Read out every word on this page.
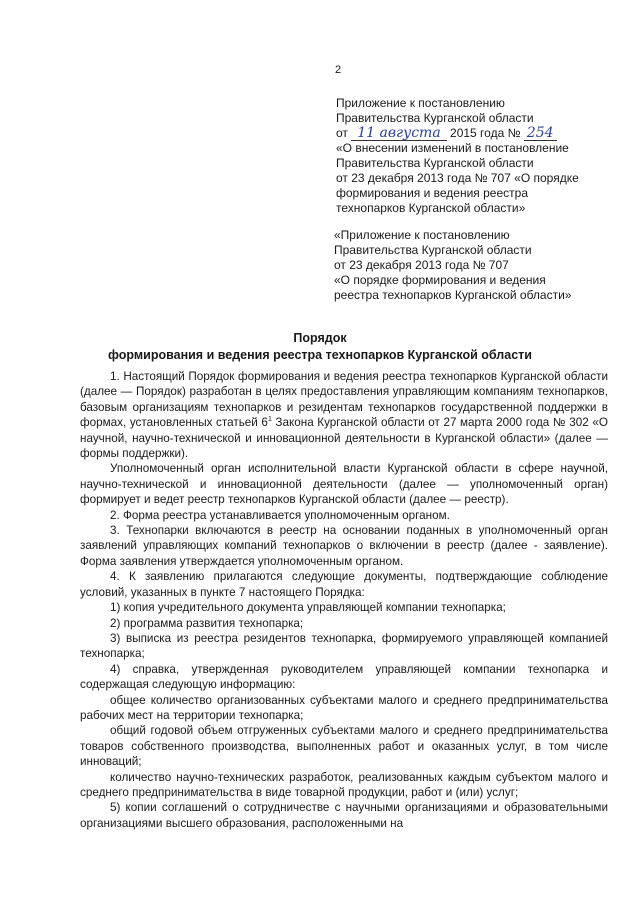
2
Приложение к постановлению
Правительства Курганской области
от 11 августа 2015 года № 254
«О внесении изменений в постановление
Правительства Курганской области
от 23 декабря 2013 года № 707 «О порядке
формирования и ведения реестра
технопарков Курганской области»
«Приложение к постановлению
Правительства Курганской области
от 23 декабря 2013 года № 707
«О порядке формирования и ведения
реестра технопарков Курганской области»
Порядок
формирования и ведения реестра технопарков Курганской области

1. Настоящий Порядок формирования и ведения реестра технопарков Курганской области (далее — Порядок) разработан в целях предоставления управляющим компаниям технопарков, базовым организациям технопарков и резидентам технопарков государственной поддержки в формах, установленных статьей $6^1$ Закона Курганской области от 27 марта 2000 года № 302 «О научной, научно-технической и инновационной деятельности в Курганской области» (далее — формы поддержки).

Уполномоченный орган исполнительной власти Курганской области в сфере научной, научно-технической и инновационной деятельности (далее — уполномоченный орган) формирует и ведет реестр технопарков Курганской области (далее — реестр).

2. Форма реестра устанавливается уполномоченным органом.

3. Технопарки включаются в реестр на основании поданных в уполномоченный орган заявлений управляющих компаний технопарков о включении в реестр (далее - заявление). Форма заявления утверждается уполномоченным органом.

4. К заявлению прилагаются следующие документы, подтверждающие соблюдение условий, указанных в пункте 7 настоящего Порядка:

1) копия учредительного документа управляющей компании технопарка;

2) программа развития технопарка;

3) выписка из реестра резидентов технопарка, формируемого управляющей компанией технопарка;

4) справка, утвержденная руководителем управляющей компании технопарка и содержащая следующую информацию:

общее количество организованных субъектами малого и среднего предпринимательства рабочих мест на территории технопарка;

общий годовой объем отгруженных субъектами малого и среднего предпринимательства товаров собственного производства, выполненных работ и оказанных услуг, в том числе инноваций;

количество научно-технических разработок, реализованных каждым субъектом малого и среднего предпринимательства в виде товарной продукции, работ и (или) услуг;

5) копии соглашений о сотрудничестве с научными организациями и образовательными организациями высшего образования, расположенными на
